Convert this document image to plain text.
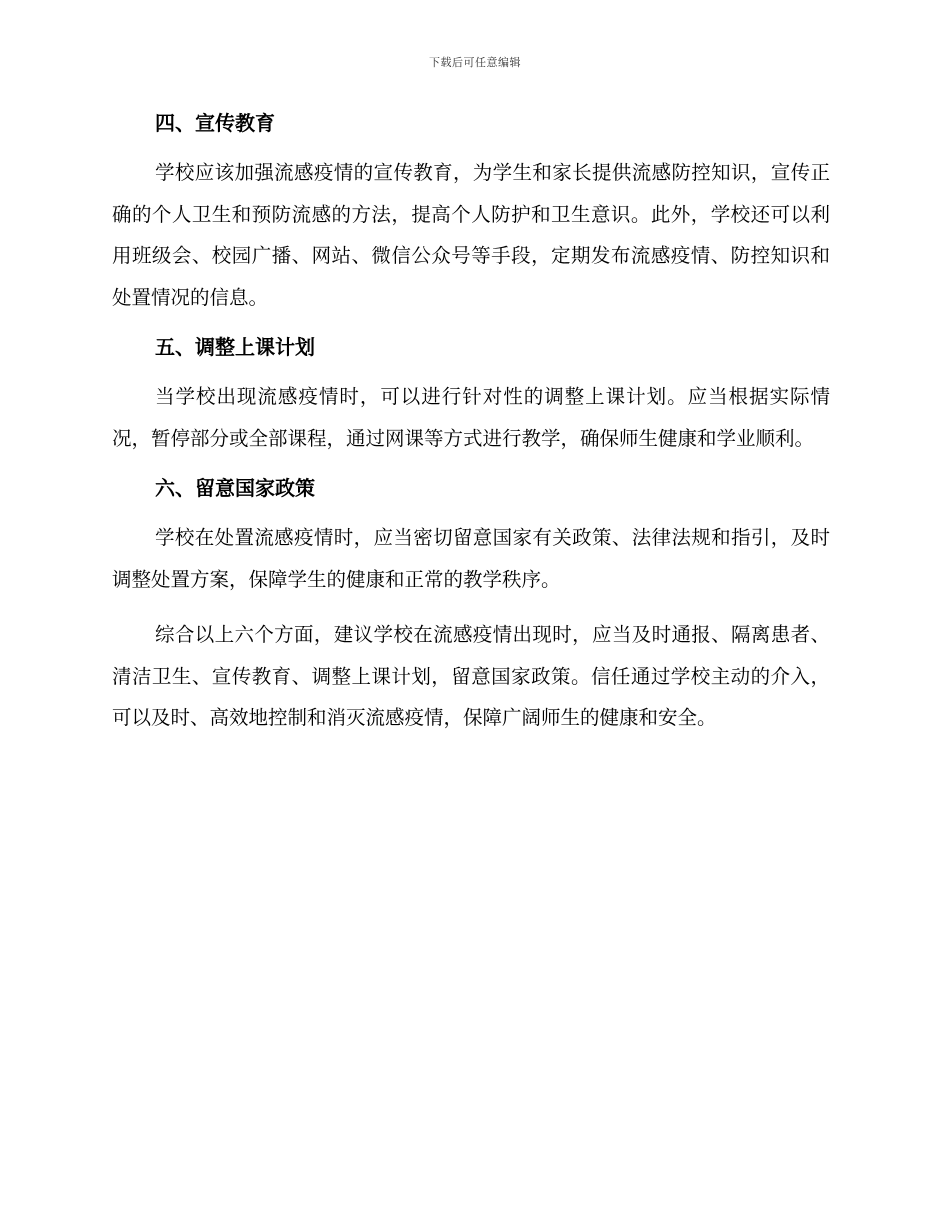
下载后可任意编辑
四、宣传教育

学校应该加强流感疫情的宣传教育，为学生和家长提供流感防控知识，宣传正确的个人卫生和预防流感的方法，提高个人防护和卫生意识。此外，学校还可以利用班级会、校园广播、网站、微信公众号等手段，定期发布流感疫情、防控知识和处置情况的信息。

五、调整上课计划

当学校出现流感疫情时，可以进行针对性的调整上课计划。应当根据实际情况，暂停部分或全部课程，通过网课等方式进行教学，确保师生健康和学业顺利。

六、留意国家政策

学校在处置流感疫情时，应当密切留意国家有关政策、法律法规和指引，及时调整处置方案，保障学生的健康和正常的教学秩序。

综合以上六个方面，建议学校在流感疫情出现时，应当及时通报、隔离患者、清洁卫生、宣传教育、调整上课计划，留意国家政策。信任通过学校主动的介入，可以及时、高效地控制和消灭流感疫情，保障广阔师生的健康和安全。
